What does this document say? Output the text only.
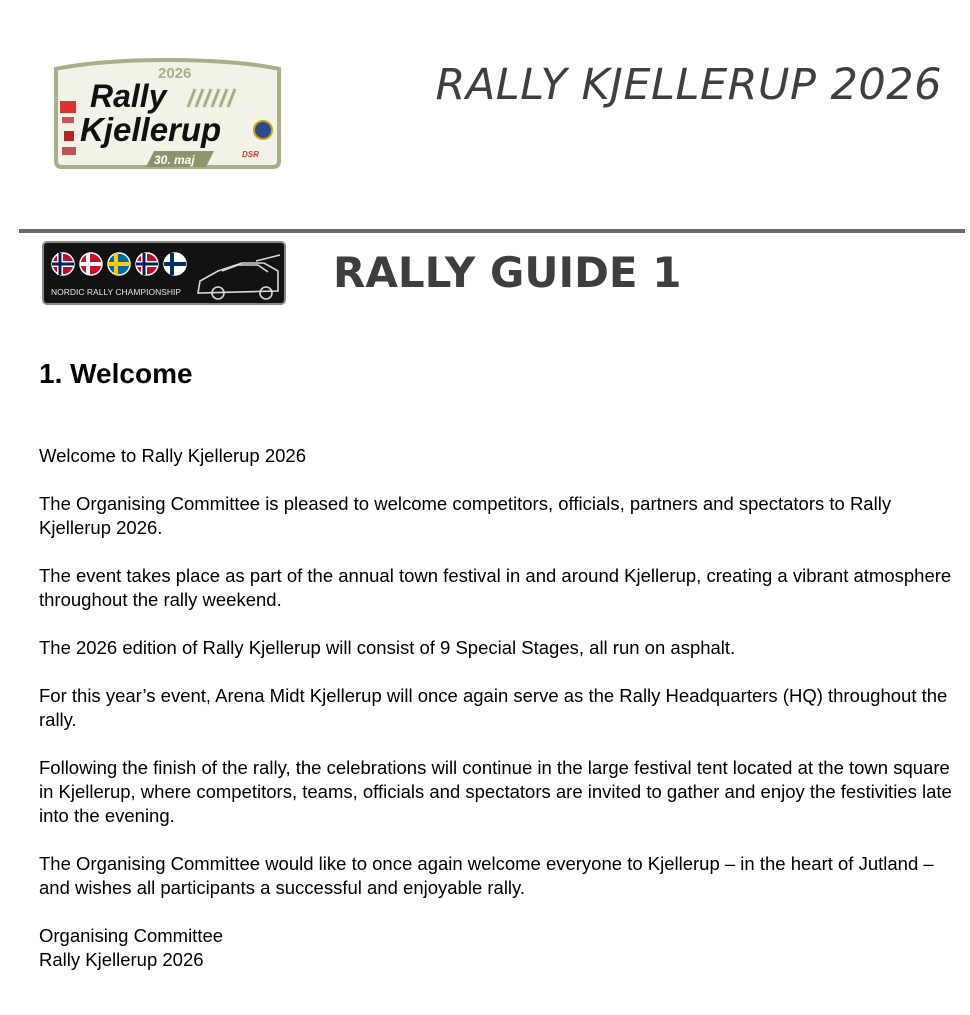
2026
Rally
Kjellerup
30. maj	DSR
RALLY KJELLERUP 2026
NORDIC RALLY CHAMPIONSHIP	RALLY GUIDE 1
1. Welcome

Welcome to Rally Kjellerup 2026

The Organising Committee is pleased to welcome competitors, officials, partners and spectators to Rally Kjellerup 2026.

The event takes place as part of the annual town festival in and around Kjellerup, creating a vibrant atmosphere throughout the rally weekend.

The 2026 edition of Rally Kjellerup will consist of 9 Special Stages, all run on asphalt.

For this year’s event, Arena Midt Kjellerup will once again serve as the Rally Headquarters (HQ) throughout the rally.

Following the finish of the rally, the celebrations will continue in the large festival tent located at the town square in Kjellerup, where competitors, teams, officials and spectators are invited to gather and enjoy the festivities late into the evening.

The Organising Committee would like to once again welcome everyone to Kjellerup – in the heart of Jutland – and wishes all participants a successful and enjoyable rally.

Organising Committee

Rally Kjellerup 2026
